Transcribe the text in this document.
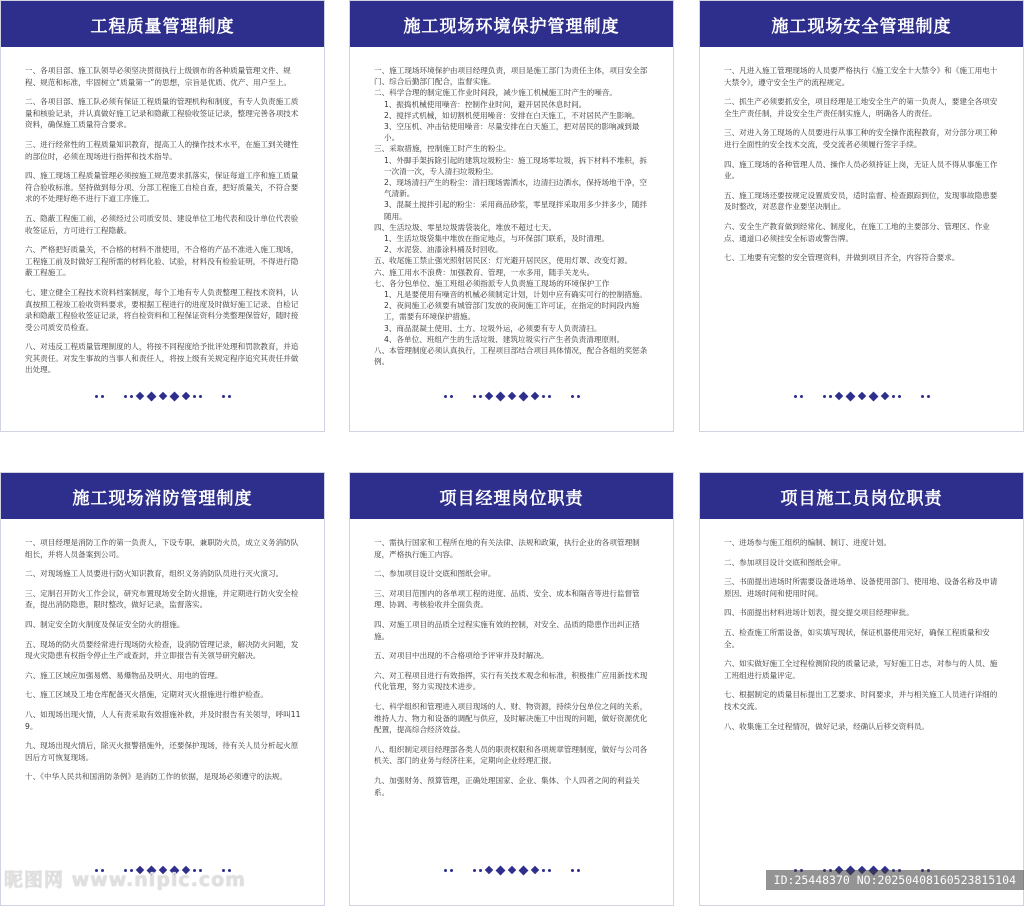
工程质量管理制度

一、各项目部、施工队领导必须坚决贯彻执行上级颁布的各种质量管理文件、规程、规范和标准，牢固树立“质量第一”的思想，宗旨是优质、优产、用户至上。

二、各项目部、施工队必须有保证工程质量的管理机构和制度，有专人负责施工质量和核验记录，并认真做好施工记录和隐蔽工程验收签证记录，整理完善各项技术资料，确保施工质量符合要求。

三、进行经常性的工程质量知识教育，提高工人的操作技术水平，在施工到关键性的部位时，必须在现场进行指挥和技术指导。

四、施工现场工程质量管理必须按施工规范要求抓落实，保证每道工序和施工质量符合验收标准。坚持做到每分项、分部工程施工自检自查，把好质量关，不符合要求的不处理好绝不进行下道工序施工。

五、隐蔽工程施工前，必须经过公司质安员、建设单位工地代表和设计单位代表验收签证后，方可进行工程隐蔽。

六、严格把好质量关，不合格的材料不准使用，不合格的产品不准进入施工现场，工程施工前及时做好工程所需的材料化验、试验，材料没有检验证明，不得进行隐蔽工程施工。

七、建立健全工程技术资料档案制度，每个工地有专人负责整理工程技术资料，认真按照工程竣工验收资料要求，要根据工程进行的进度及时做好施工记录、自检记录和隐蔽工程验收签证记录，将自检资料和工程保证资料分类整理保管好，随时接受公司质安员检查。

八、对违反工程质量管理制度的人，将按不同程度给予批评处理和罚款教育，并追究其责任。对发生事故的当事人和责任人，将按上级有关规定程序追究其责任并做出处理。

施工现场环境保护管理制度

一、施工现场环境保护由项目经理负责，项目是施工部门为责任主体，项目安全部门、综合后勤部门配合，监督实施。

二、科学合理的制定施工作业时间段，减少施工机械施工时产生的噪音。

1、振捣机械使用噪音：控制作业时间，避开居民休息时间。

2、搅拌式机械，如切割机使用噪音：安排在白天施工，不对居民产生影响。

3、空压机、冲击钻使用噪音：尽量安排在白天施工，把对居民的影响减到最小。

三、采取措施，控制施工时产生的粉尘。

1、外脚手架拆除引起的建筑垃圾粉尘：施工现场零垃圾，拆下材料不堆积，拆一次清一次，专人清扫垃圾粉尘。

2、现场清扫产生的粉尘：清扫现场需洒水，边清扫边洒水，保持场地干净，空气清新。

3、混凝土搅拌引起的粉尘：采用商品砂浆，零星现拌采取用多少拌多少，随拌随用。

四、生活垃圾、零星垃圾需袋装化，堆放不超过七天。

1、生活垃圾袋集中堆放在指定地点，与环保部门联系，及时清理。

2、水泥袋、油漆涂料桶及时回收。

五、收尾施工禁止强光照射居民区：灯光避开居民区，使用灯罩、改变灯源。

六、施工用水不浪费：加强教育、管理，一水多用，随手关龙头。

七、各分包单位、施工班组必须指派专人负责施工现场的环境保护工作

1、凡是要使用有噪音的机械必须制定计划，计划中应有确实可行的控制措施。

2、夜间施工必须要有城管部门发放的夜间施工许可证，在指定的时间段内施工，需要有环境保护措施。

3、商品混凝土使用、土方、垃圾外运，必须要有专人负责清扫。

4、各单位、班组产生的生活垃圾、建筑垃圾实行产生者负责清理原则。

八、本管理制度必须认真执行，工程项目部结合项目具体情况，配合各组的奖惩条例。

施工现场安全管理制度

一、凡进入施工管理现场的人员要严格执行《施工安全十大禁令》和《施工用电十大禁令》，遵守安全生产的流程规定。

二、抓生产必须要抓安全，项目经理是工地安全生产的第一负责人，要建全各项安全生产责任制，并设安全生产责任制实施人，明确各人的责任。

三、对进入务工现场的人员要进行从事工种的安全操作流程教育，对分部分项工种进行全面性的安全技术交流，受交流者必须履行签字手续。

四、施工现场的各种管理人员、操作人员必须持证上岗，无证人员不得从事施工作业。

五、施工现场还要按规定设置质安员，适时监督、检查跟踪到位，发现事故隐患要及时整改，对恶意作业要坚决制止。

六、安全生产教育做到经常化、制度化，在施工工地的主要部分、管理区、作业点、通道口必须挂安全标语或警告牌。

七、工地要有完整的安全管理资料，并做到项目齐全，内容符合要求。

施工现场消防管理制度

一、项目经理是消防工作的第一负责人，下设专职、兼职防火员，成立义务消防队组长，并将人员备案到公司。

二、对现场施工人员要进行防火知识教育，组织义务消防队员进行灭火演习。

三、定制召开防火工作会议，研究布置现场安全防火措施，并定期进行防火安全检查，提出消防隐患，限时整改，做好记录，监督落实。

四、制定安全防火制度及保证安全防火的措施。

五、现场的防火员要经常进行现场防火检查，设消防管理记录，解决防火问题，发现火灾隐患有权指令停止生产或查封，并立即报告有关领导研究解决。

六、施工区域应加强易燃、易爆物品及明火、用电的管理。

七、施工区域及工地仓库配备灭火措施，定期对灭火措施进行维护检查。

八、如现场出现火情，人人有责采取有效措施补救，并及时报告有关领导，呼叫119。

九、现场出现火情后，除灭火报警措施外，还要保护现场，待有关人员分析起火原因后方可恢复现场。

十、《中华人民共和国消防条例》是消防工作的依据，是现场必须遵守的法规。

项目经理岗位职责

一、需执行国家和工程所在地的有关法律、法规和政策，执行企业的各项管理制度，严格执行施工内容。

二、参加项目设计交底和图纸会审。

三、对项目范围内的各单项工程的进度、品质、安全、成本和隔音等进行监督管理、协调、考核验收并全面负责。

四、对施工项目的品质全过程实施有效的控制，对安全、品质的隐患作出纠正措施。

五、对项目中出现的不合格项给予评审并及时解决。

六、对工程项目进行有效指挥，实行有关技术观念和标准，积极推广应用新技术现代化管理，努力实现技术进步。

七、科学组织和管理进入项目现场的人、财、物资源，持续分包单位之间的关系，维持人力、物力和设备的调配与供应，及时解决施工中出现的问题，做好资源优化配置，提高综合经济效益。

八、组织制定项目经理部各类人员的职责权限和各项规章管理制度，做好与公司各机关、部门的业务与经济往来，定期向企业经理汇报。

九、加强财务、预算管理，正确处理国家、企业、集体、个人四者之间的利益关系。

项目施工员岗位职责

一、进场参与施工组织的编制、制订、进度计划。

二、参加项目设计交底和图纸会审。

三、书面提出进场时所需要设备进场单、设备使用部门、使用地、设备名称及申请原因、进场时间和使用时间。

四、书面提出材料进场计划表，提交提交项目经理审批。

五、检查施工所需设备，如实填写现状，保证机器使用完好，确保工程质量和安全。

六、如实做好施工全过程检测阶段的质量记录，写好施工日志，对参与的人员、施工班组进行质量评定。

七、根据制定的质量目标提出工艺要求、时间要求，并与相关施工人员进行详细的技术交流。

八、收集施工全过程情况，做好记录，经确认后移交资料员。

昵图网 www.nipic.com	ID:25448370 NO:20250408160523815104
